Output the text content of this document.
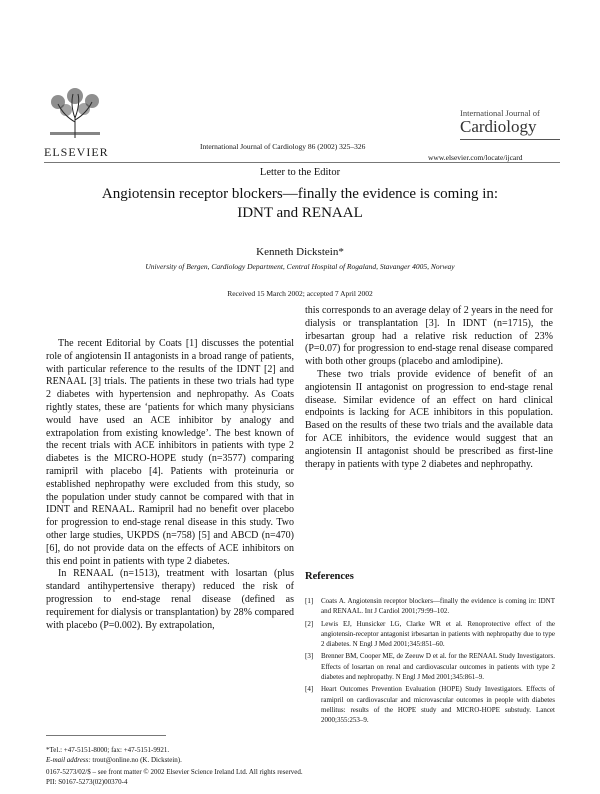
ELSEVIER	International Journal of Cardiology 86 (2002) 325–326
International Journal of
Cardiology
www.elsevier.com/locate/ijcard
Letter to the Editor
Angiotensin receptor blockers—finally the evidence is coming in:
IDNT and RENAAL
Kenneth Dickstein*
University of Bergen, Cardiology Department, Central Hospital of Rogaland, Stavanger 4005, Norway
Received 15 March 2002; accepted 7 April 2002

The recent Editorial by Coats [1] discusses the potential role of angiotensin II antagonists in a broad range of patients, with particular reference to the results of the IDNT [2] and RENAAL [3] trials. The patients in these two trials had type 2 diabetes with hypertension and nephropathy. As Coats rightly states, these are ‘patients for which many physicians would have used an ACE inhibitor by analogy and extrapolation from existing knowledge’. The best known of the recent trials with ACE inhibitors in patients with type 2 diabetes is the MICRO-HOPE study (n=3577) comparing ramipril with placebo [4]. Patients with proteinuria or established nephropathy were excluded from this study, so the population under study cannot be compared with that in IDNT and RENAAL. Ramipril had no benefit over placebo for progression to end-stage renal disease in this study. Two other large studies, UKPDS (n=758) [5] and ABCD (n=470) [6], do not provide data on the effects of ACE inhibitors on this end point in patients with type 2 diabetes.

In RENAAL (n=1513), treatment with losartan (plus standard antihypertensive therapy) reduced the risk of progression to end-stage renal disease (defined as requirement for dialysis or transplantation) by 28% compared with placebo (P=0.002). By extrapolation,

this corresponds to an average delay of 2 years in the need for dialysis or transplantation [3]. In IDNT (n=1715), the irbesartan group had a relative risk reduction of 23% (P=0.07) for progression to end-stage renal disease compared with both other groups (placebo and amlodipine).

These two trials provide evidence of benefit of an angiotensin II antagonist on progression to end-stage renal disease. Similar evidence of an effect on hard clinical endpoints is lacking for ACE inhibitors in this population. Based on the results of these two trials and the available data for ACE inhibitors, the evidence would suggest that an angiotensin II antagonist should be prescribed as first-line therapy in patients with type 2 diabetes and nephropathy.

References
[1]	Coats A. Angiotensin receptor blockers—finally the evidence is coming in: IDNT and RENAAL. Int J Cardiol 2001;79:99–102.
[2]	Lewis EJ, Hunsicker LG, Clarke WR et al. Renoprotective effect of the angiotensin-receptor antagonist irbesartan in patients with nephropathy due to type 2 diabetes. N Engl J Med 2001;345:851–60.
[3]	Brenner BM, Cooper ME, de Zeeuw D et al. for the RENAAL Study Investigators. Effects of losartan on renal and cardiovascular outcomes in patients with type 2 diabetes and nephropathy. N Engl J Med 2001;345:861–9.
[4]	Heart Outcomes Prevention Evaluation (HOPE) Study Investigators. Effects of ramipril on cardiovascular and microvascular outcomes in people with diabetes mellitus: results of the HOPE study and MICRO-HOPE substudy. Lancet 2000;355:253–9.
*Tel.: +47-5151-8000; fax: +47-5151-9921.
E-mail address: trout@online.no (K. Dickstein).
0167-5273/02/$ – see front matter © 2002 Elsevier Science Ireland Ltd. All rights reserved.
PII: S0167-5273(02)00370-4
